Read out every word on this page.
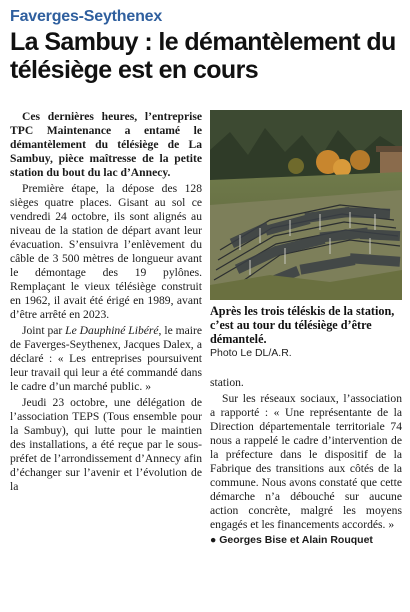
Faverges-Seythenex
La Sambuy : le démantèlement du télésiège est en cours

Ces dernières heures, l’entreprise TPC Maintenance a entamé le démantèlement du télésiège de La Sambuy, pièce maîtresse de la petite station du bout du lac d’Annecy.

Première étape, la dépose des 128 sièges quatre places. Gisant au sol ce vendredi 24 octobre, ils sont alignés au niveau de la station de départ avant leur évacuation. S’ensuivra l’enlèvement du câble de 3 500 mètres de longueur avant le démontage des 19 pylônes. Remplaçant le vieux télésiège construit en 1962, il avait été érigé en 1989, avant d’être arrêté en 2023.

Joint par Le Dauphiné Libéré, le maire de Faverges-Seythenex, Jacques Dalex, a déclaré : « Les entreprises poursuivent leur travail qui leur a été commandé dans le cadre d’un marché public. »

Jeudi 23 octobre, une délégation de l’association TEPS (Tous ensemble pour la Sambuy), qui lutte pour le maintien des installations, a été reçue par le sous-préfet de l’arrondissement d’Annecy afin d’échanger sur l’avenir et l’évolution de la

Après les trois téléskis de la station, c’est au tour du télésiège d’être démantelé.
Photo Le DL/A.R.

station.

Sur les réseaux sociaux, l’association a rapporté : « Une représentante de la Direction départementale territoriale 74 nous a rappelé le cadre d’intervention de la préfecture dans le dispositif de la Fabrique des transitions aux côtés de la commune. Nous avons constaté que cette démarche n’a débouché sur aucune action concrète, malgré les moyens engagés et les financements accordés. »

● Georges Bise et Alain Rouquet
